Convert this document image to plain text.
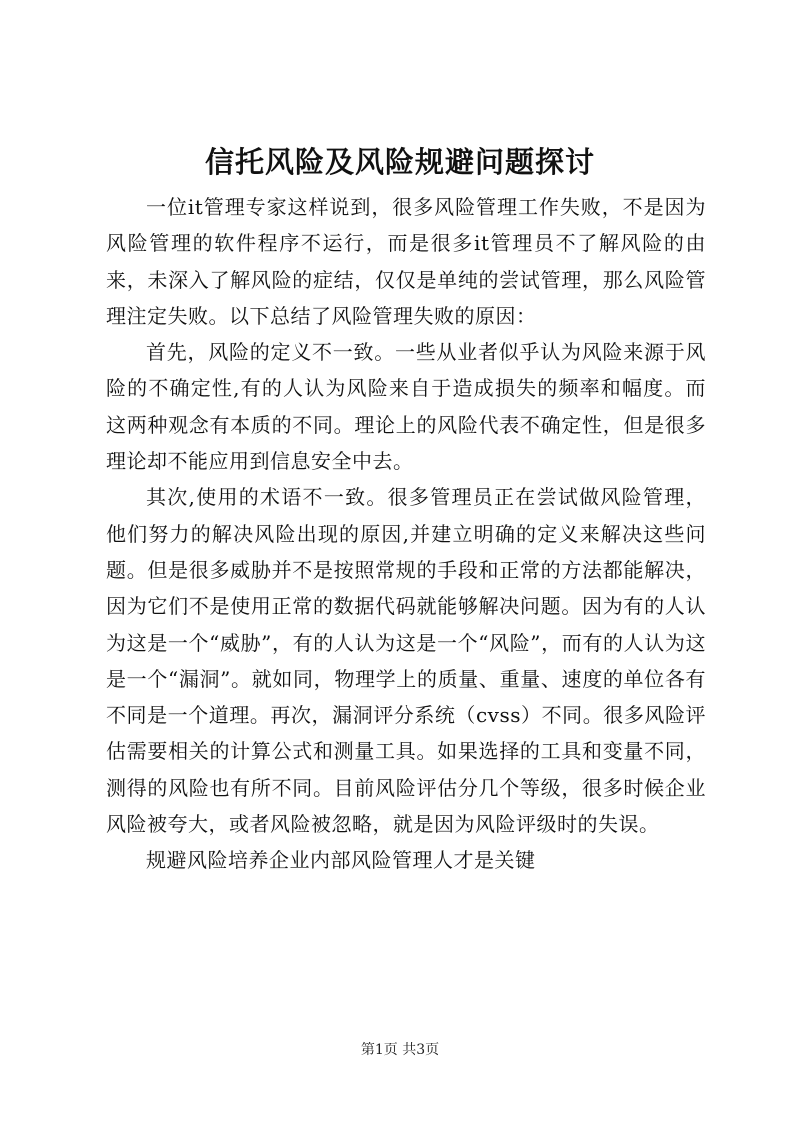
信托风险及风险规避问题探讨

一位it管理专家这样说到，很多风险管理工作失败，不是因为风险管理的软件程序不运行，而是很多it管理员不了解风险的由来，未深入了解风险的症结，仅仅是单纯的尝试管理，那么风险管理注定失败。以下总结了风险管理失败的原因：

首先，风险的定义不一致。一些从业者似乎认为风险来源于风险的不确定性,有的人认为风险来自于造成损失的频率和幅度。而这两种观念有本质的不同。理论上的风险代表不确定性，但是很多理论却不能应用到信息安全中去。

其次,使用的术语不一致。很多管理员正在尝试做风险管理，他们努力的解决风险出现的原因,并建立明确的定义来解决这些问题。但是很多威胁并不是按照常规的手段和正常的方法都能解决，因为它们不是使用正常的数据代码就能够解决问题。因为有的人认为这是一个“威胁”，有的人认为这是一个“风险”，而有的人认为这是一个“漏洞”。就如同，物理学上的质量、重量、速度的单位各有不同是一个道理。再次，漏洞评分系统（cvss）不同。很多风险评估需要相关的计算公式和测量工具。如果选择的工具和变量不同，测得的风险也有所不同。目前风险评估分几个等级，很多时候企业风险被夸大，或者风险被忽略，就是因为风险评级时的失误。

规避风险培养企业内部风险管理人才是关键

第1页 共3页
